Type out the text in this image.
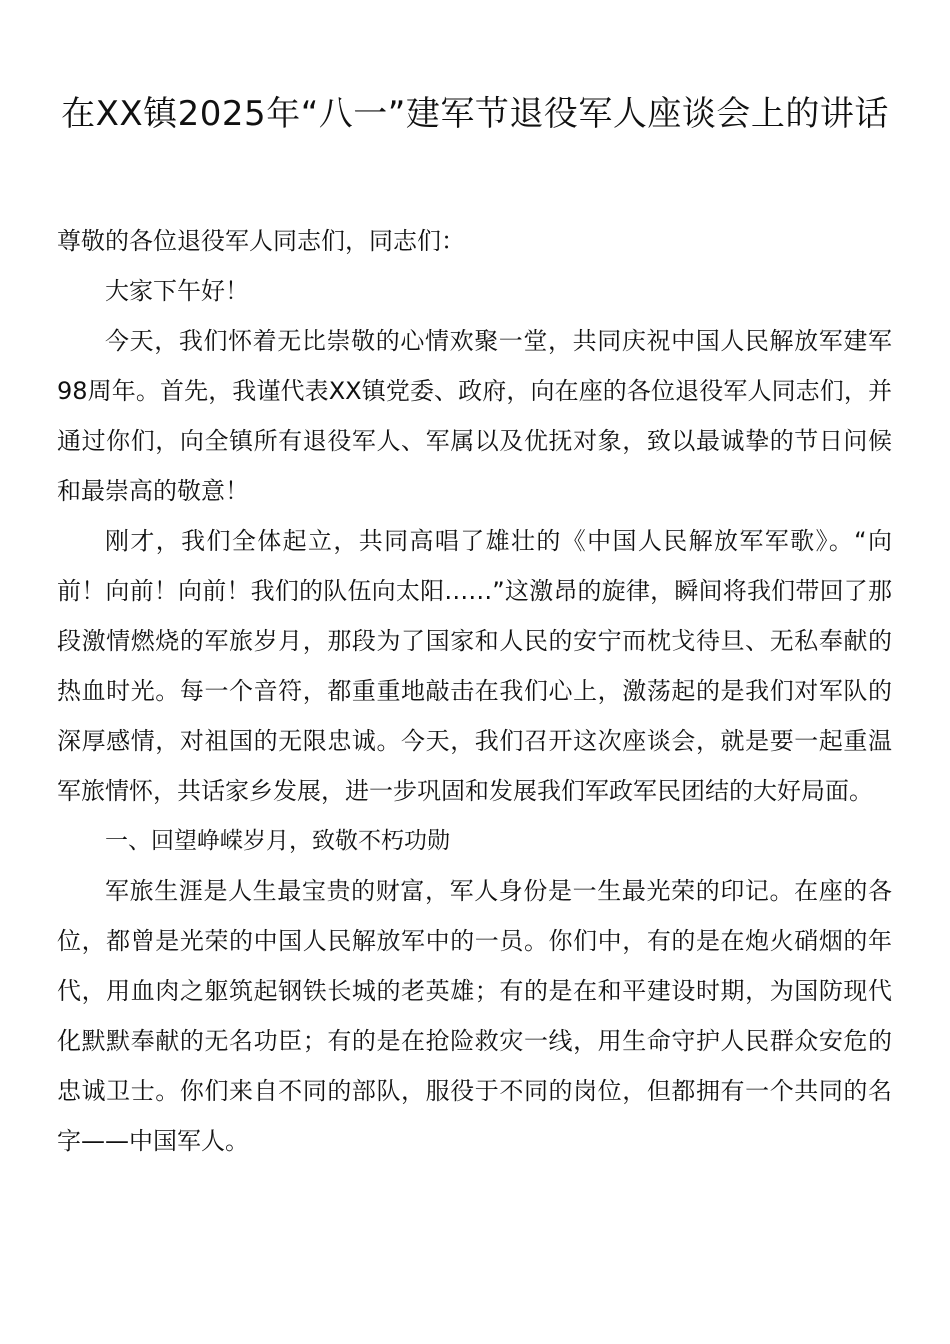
在XX镇2025年“八一”建军节退役军人座谈会上的讲话

尊敬的各位退役军人同志们，同志们：

大家下午好！

今天，我们怀着无比崇敬的心情欢聚一堂，共同庆祝中国人民解放军建军98周年。首先，我谨代表XX镇党委、政府，向在座的各位退役军人同志们，并通过你们，向全镇所有退役军人、军属以及优抚对象，致以最诚挚的节日问候和最崇高的敬意！

刚才，我们全体起立，共同高唱了雄壮的《中国人民解放军军歌》。“向前！向前！向前！我们的队伍向太阳……”这激昂的旋律，瞬间将我们带回了那段激情燃烧的军旅岁月，那段为了国家和人民的安宁而枕戈待旦、无私奉献的热血时光。每一个音符，都重重地敲击在我们心上，激荡起的是我们对军队的深厚感情，对祖国的无限忠诚。今天，我们召开这次座谈会，就是要一起重温军旅情怀，共话家乡发展，进一步巩固和发展我们军政军民团结的大好局面。

一、回望峥嵘岁月，致敬不朽功勋

军旅生涯是人生最宝贵的财富，军人身份是一生最光荣的印记。在座的各位，都曾是光荣的中国人民解放军中的一员。你们中，有的是在炮火硝烟的年代，用血肉之躯筑起钢铁长城的老英雄；有的是在和平建设时期，为国防现代化默默奉献的无名功臣；有的是在抢险救灾一线，用生命守护人民群众安危的忠诚卫士。你们来自不同的部队，服役于不同的岗位，但都拥有一个共同的名字——中国军人。
